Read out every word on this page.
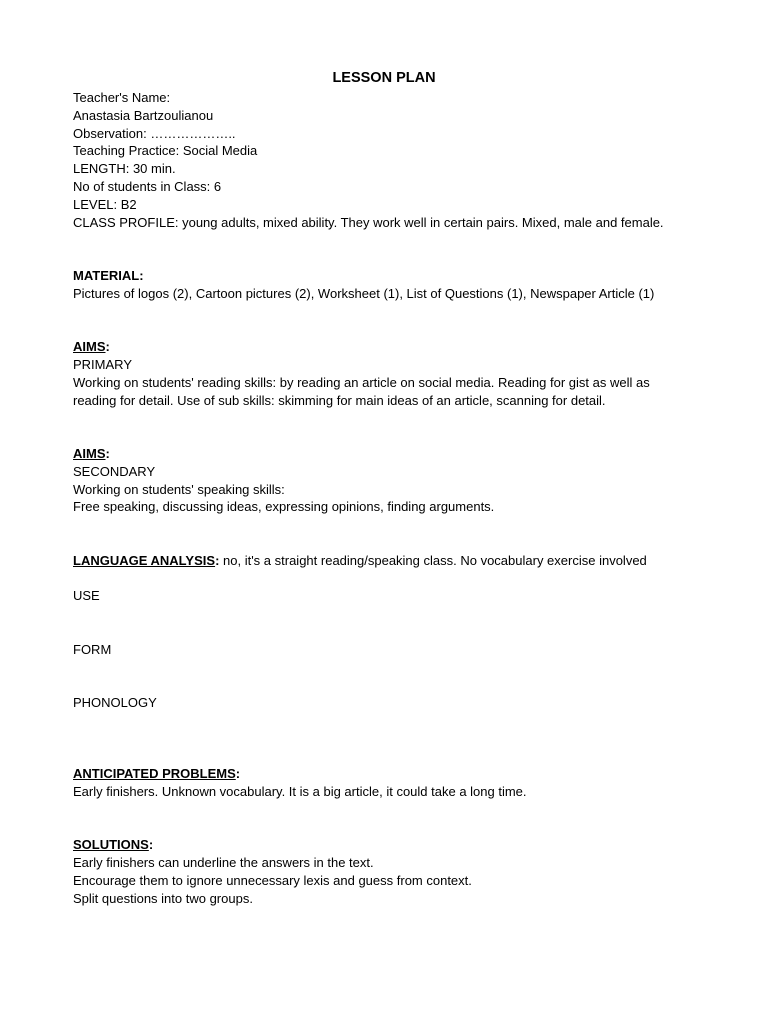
LESSON PLAN
Teacher's Name:
Anastasia Bartzoulianou
Observation: ………………..
Teaching Practice: Social Media
LENGTH: 30 min.
No of students in Class: 6
LEVEL: B2
CLASS PROFILE: young adults, mixed ability. They work well in certain pairs. Mixed, male and female.
MATERIAL:
Pictures of logos (2), Cartoon pictures (2), Worksheet (1), List of Questions (1), Newspaper Article (1)
AIMS:
PRIMARY
Working on students' reading skills: by reading an article on social media. Reading for gist as well as reading for detail. Use of sub skills: skimming for main ideas of an article, scanning for detail.
AIMS:
SECONDARY
Working on students' speaking skills:
Free speaking, discussing ideas, expressing opinions, finding arguments.
LANGUAGE ANALYSIS: no, it's a straight reading/speaking class. No vocabulary exercise involved
USE
FORM
PHONOLOGY
ANTICIPATED PROBLEMS:
Early finishers. Unknown vocabulary. It is a big article, it could take a long time.
SOLUTIONS:
Early finishers can underline the answers in the text.
Encourage them to ignore unnecessary lexis and guess from context.
Split questions into two groups.
